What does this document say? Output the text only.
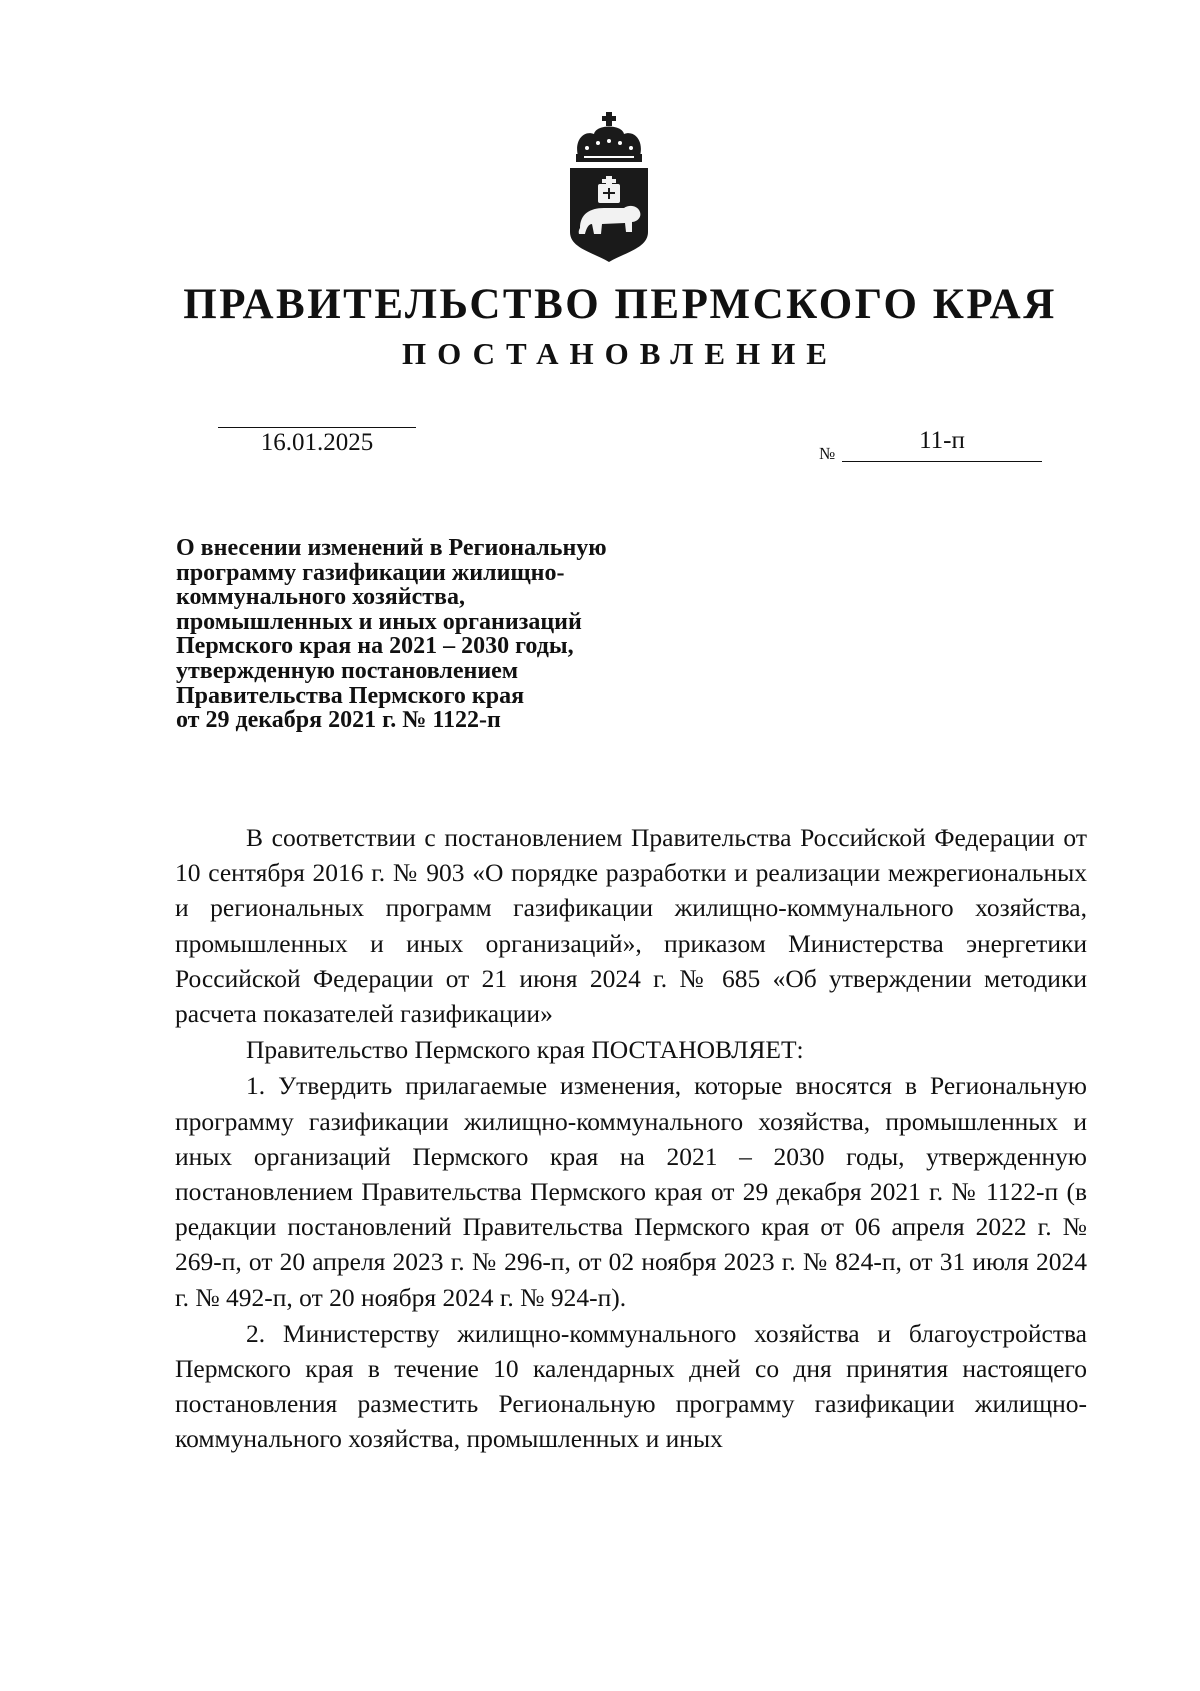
ПРАВИТЕЛЬСТВО ПЕРМСКОГО КРАЯ
ПОСТАНОВЛЕНИЕ
16.01.2025	№	11-п
О внесении изменений в Региональную
программу газификации жилищно-
коммунального хозяйства,
промышленных и иных организаций
Пермского края на 2021 – 2030 годы,
утвержденную постановлением
Правительства Пермского края
от 29 декабря 2021 г. № 1122-п

В соответствии с постановлением Правительства Российской Федерации от 10 сентября 2016 г. № 903 «О порядке разработки и реализации межрегиональных и региональных программ газификации жилищно-коммунального хозяйства, промышленных и иных организаций», приказом Министерства энергетики Российской Федерации от 21 июня 2024 г. № 685 «Об утверждении методики расчета показателей газификации»

Правительство Пермского края ПОСТАНОВЛЯЕТ:

1. Утвердить прилагаемые изменения, которые вносятся в Региональную программу газификации жилищно-коммунального хозяйства, промышленных и иных организаций Пермского края на 2021 – 2030 годы, утвержденную постановлением Правительства Пермского края от 29 декабря 2021 г. № 1122-п (в редакции постановлений Правительства Пермского края от 06 апреля 2022 г. № 269-п, от 20 апреля 2023 г. № 296-п, от 02 ноября 2023 г. № 824-п, от 31 июля 2024 г. № 492-п, от 20 ноября 2024 г. № 924-п).

2. Министерству жилищно-коммунального хозяйства и благоустройства Пермского края в течение 10 календарных дней со дня принятия настоящего постановления разместить Региональную программу газификации жилищно-коммунального хозяйства, промышленных и иных
